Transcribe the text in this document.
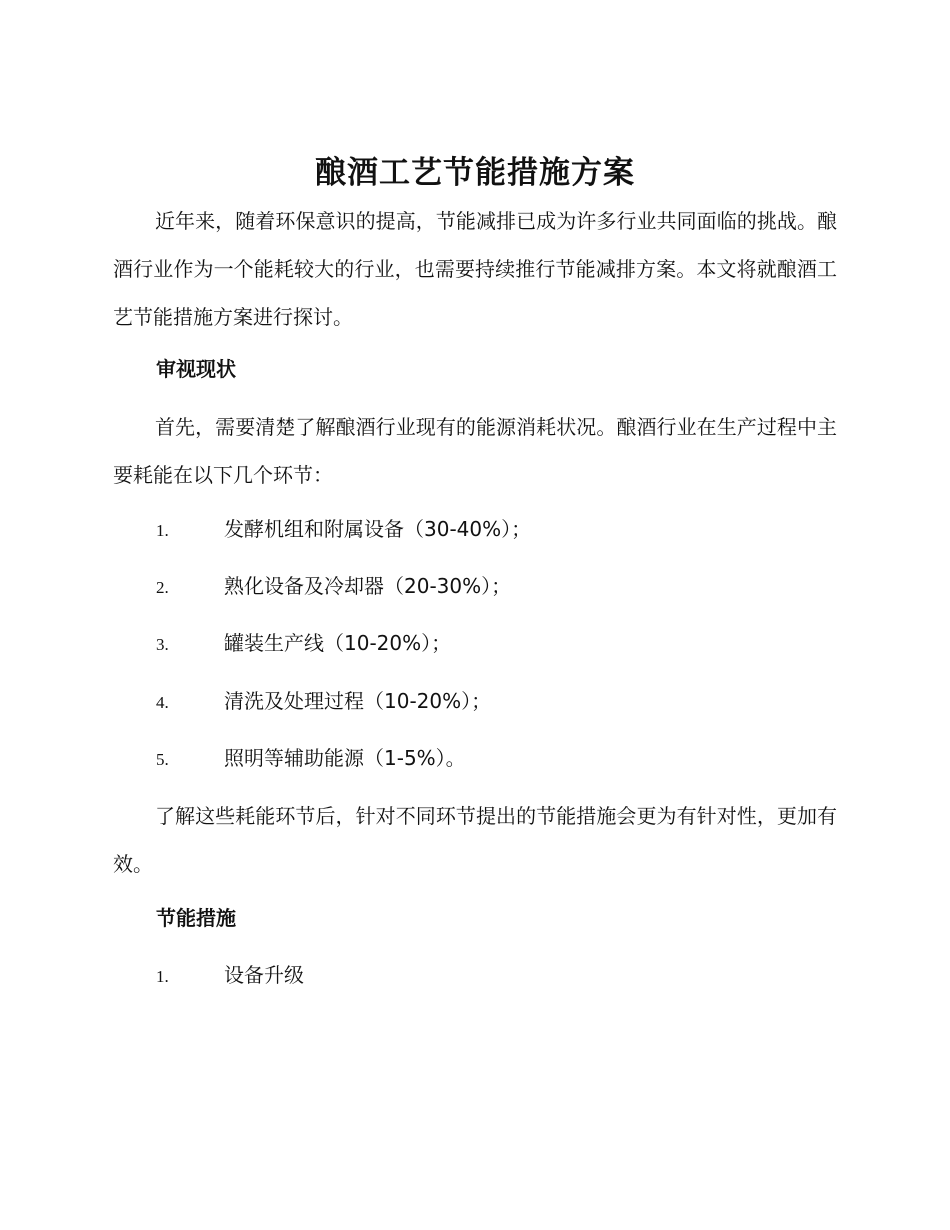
酿酒工艺节能措施方案

近年来，随着环保意识的提高，节能减排已成为许多行业共同面临的挑战。酿酒行业作为一个能耗较大的行业，也需要持续推行节能减排方案。本文将就酿酒工艺节能措施方案进行探讨。

审视现状

首先，需要清楚了解酿酒行业现有的能源消耗状况。酿酒行业在生产过程中主要耗能在以下几个环节：

1.	发酵机组和附属设备（30-40%）；
2.	熟化设备及冷却器（20-30%）；
3.	罐装生产线（10-20%）；
4.	清洗及处理过程（10-20%）；
5.	照明等辅助能源（1-5%）。

了解这些耗能环节后，针对不同环节提出的节能措施会更为有针对性，更加有效。

节能措施
1.	设备升级
